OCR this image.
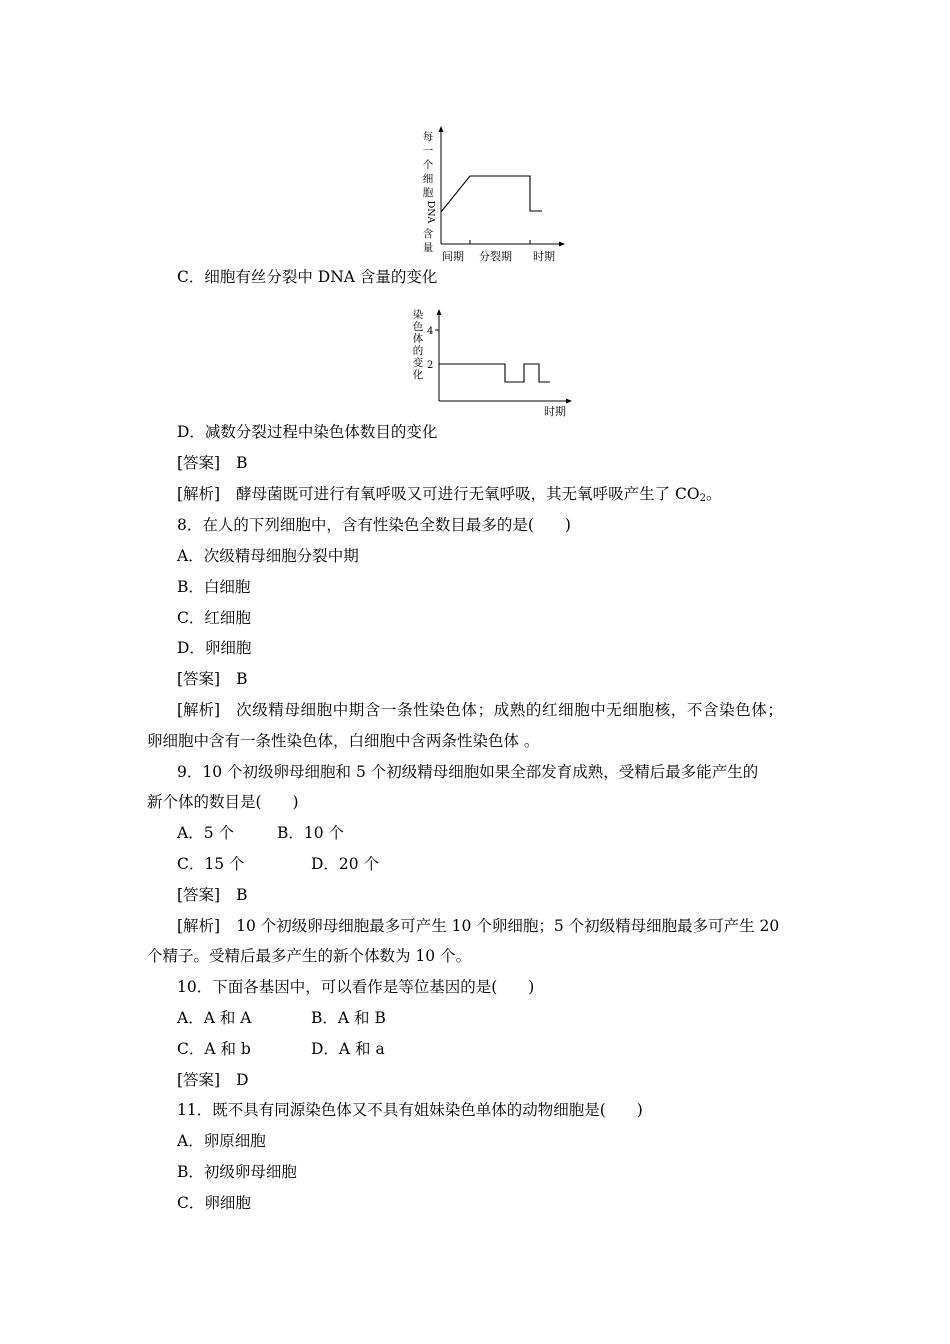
每
一
个
细
胞
DNA
含
量
间期 分裂期 时期
C．细胞有丝分裂中 DNA 含量的变化
染
色
体
的
变
化
4
2
时期
D．减数分裂过程中染色体数目的变化
[答案] B
[解析] 酵母菌既可进行有氧呼吸又可进行无氧呼吸，其无氧呼吸产生了 $CO_2$。
8．在人的下列细胞中，含有性染色全数目最多的是(　　)
A．次级精母细胞分裂中期
B．白细胞
C．红细胞
D．卵细胞
[答案] B
[解析] 次级精母细胞中期含一条性染色体；成熟的红细胞中无细胞核，不含染色体；
卵细胞中含有一条性染色体，白细胞中含两条性染色体 。
9．10 个初级卵母细胞和 5 个初级精母细胞如果全部发育成熟，受精后最多能产生的
新个体的数目是(　　)
A．5 个	B．10 个
C．15 个	D．20 个
[答案] B
[解析] 10 个初级卵母细胞最多可产生 10 个卵细胞；5 个初级精母细胞最多可产生 20
个精子。受精后最多产生的新个体数为 10 个。
10．下面各基因中，可以看作是等位基因的是(　　)
A．A 和 A	B．A 和 B
C．A 和 b	D．A 和 a
[答案] D
11．既不具有同源染色体又不具有姐妹染色单体的动物细胞是(　　)
A．卵原细胞
B．初级卵母细胞
C．卵细胞
